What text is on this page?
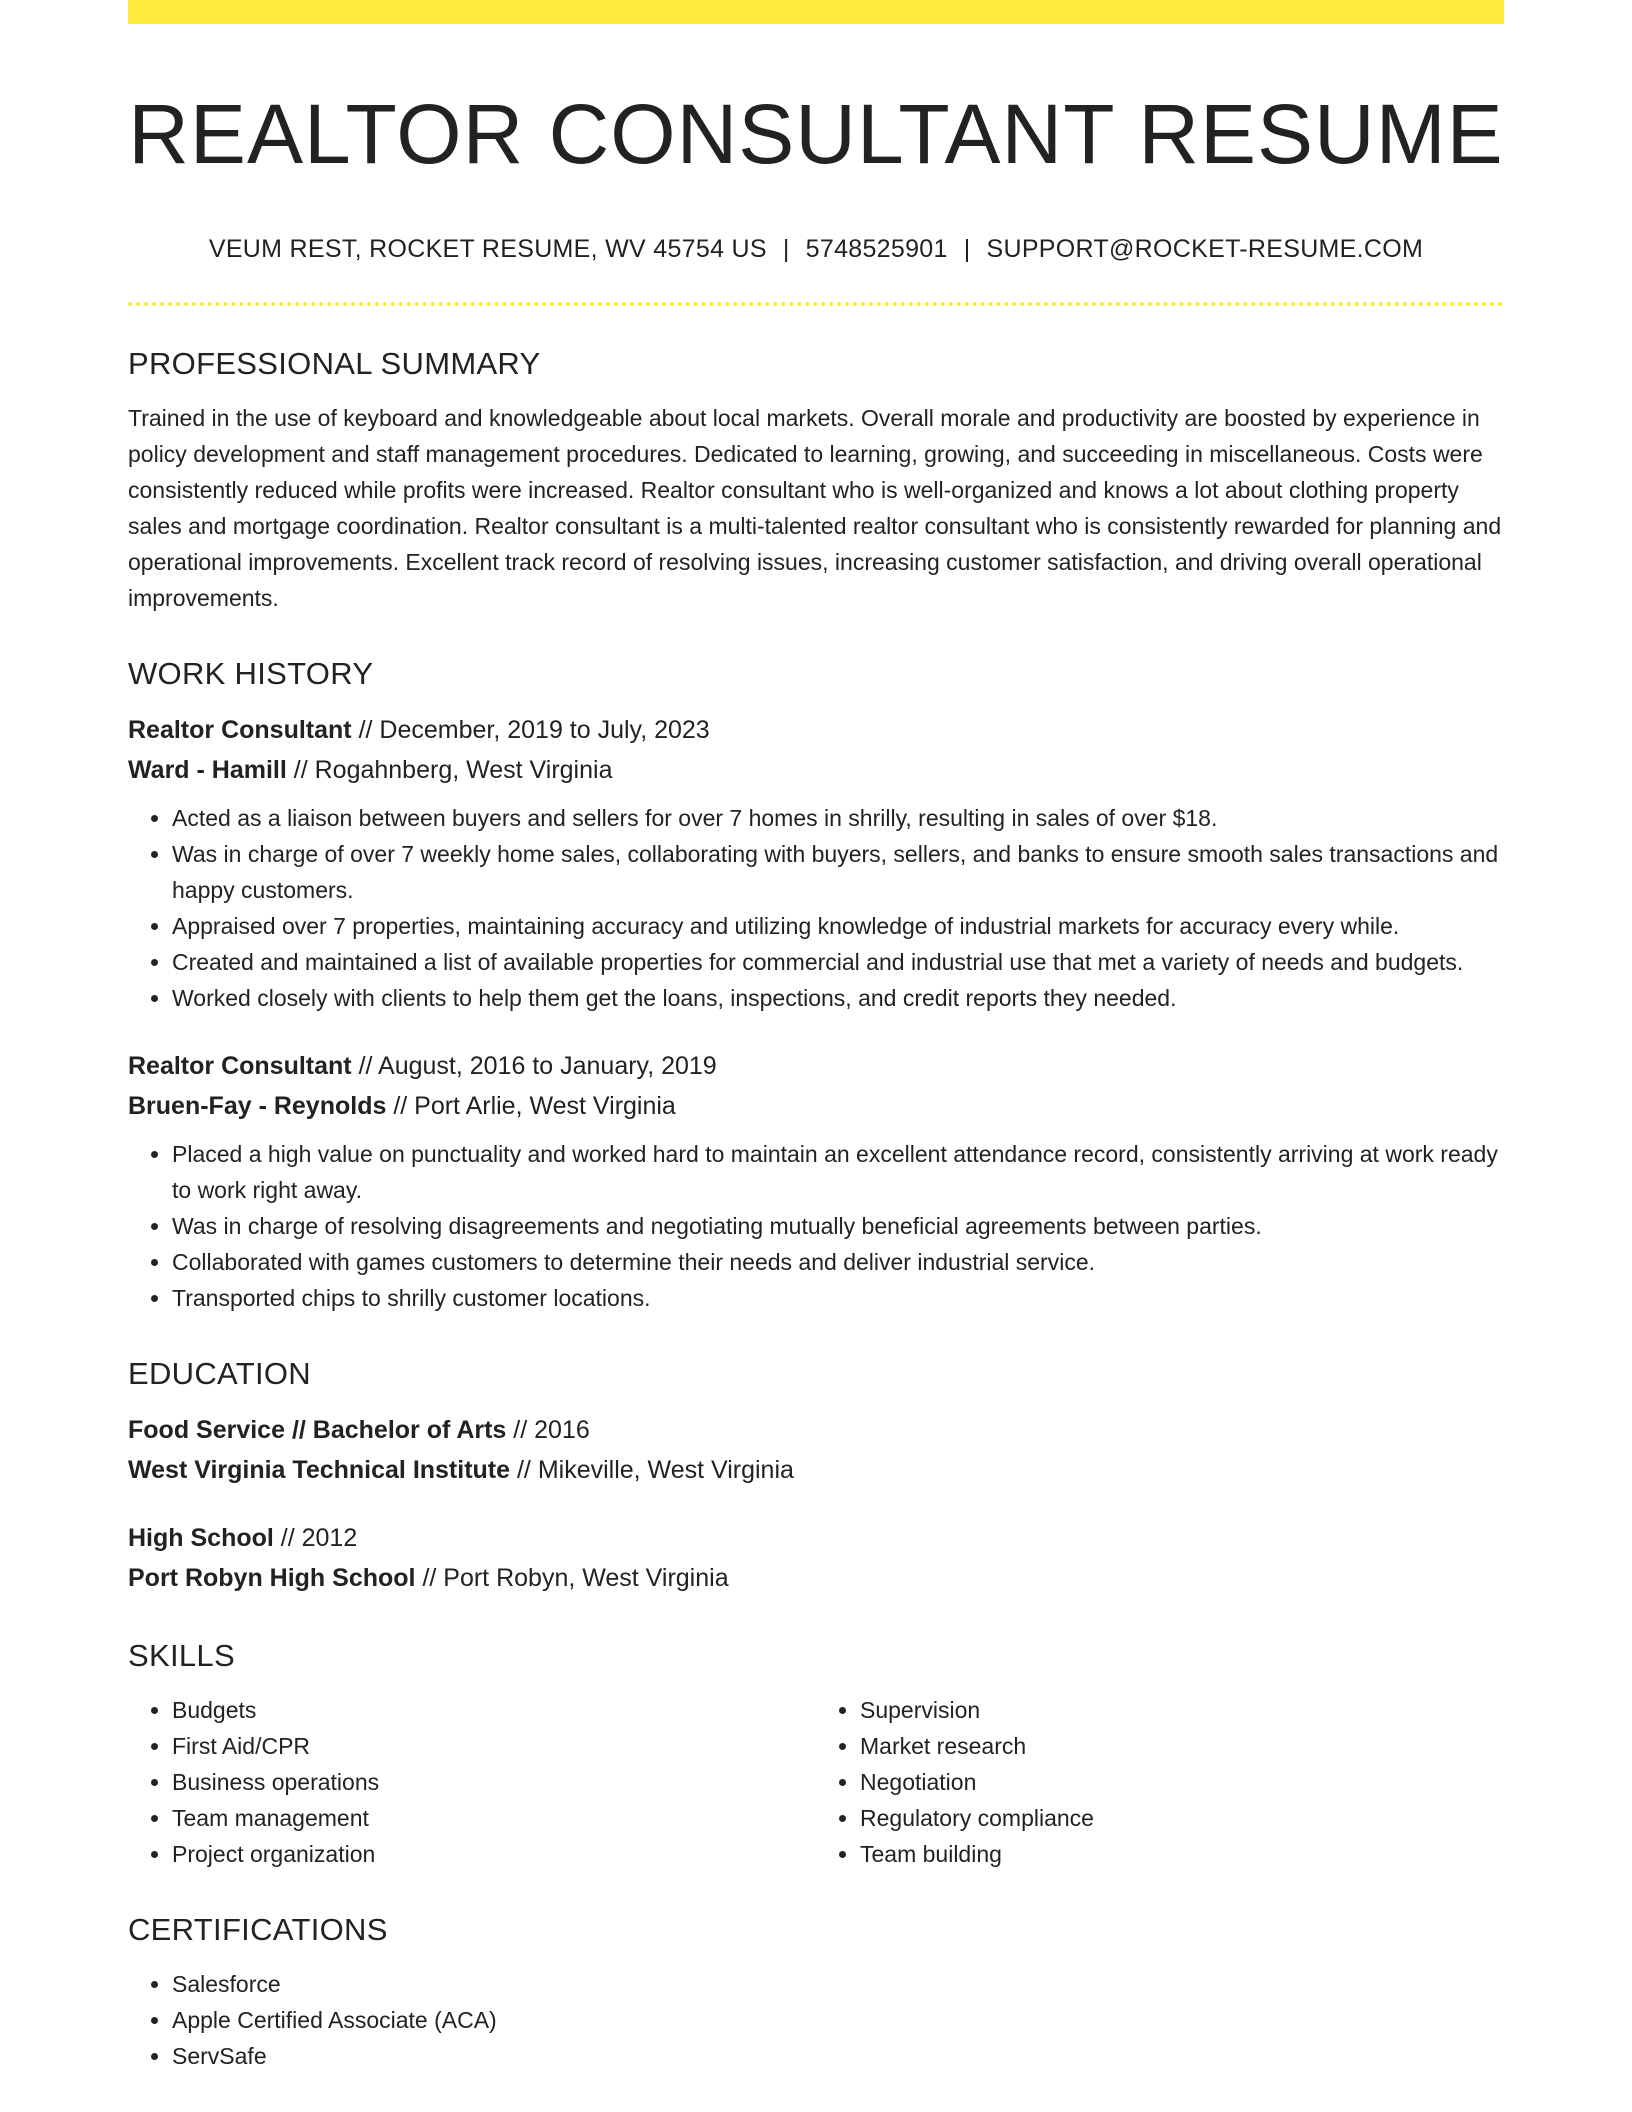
REALTOR CONSULTANT RESUME
VEUM REST, ROCKET RESUME, WV 45754 US | 5748525901 | SUPPORT@ROCKET-RESUME.COM
PROFESSIONAL SUMMARY

Trained in the use of keyboard and knowledgeable about local markets. Overall morale and productivity are boosted by experience in policy development and staff management procedures. Dedicated to learning, growing, and succeeding in miscellaneous. Costs were consistently reduced while profits were increased. Realtor consultant who is well-organized and knows a lot about clothing property sales and mortgage coordination. Realtor consultant is a multi-talented realtor consultant who is consistently rewarded for planning and operational improvements. Excellent track record of resolving issues, increasing customer satisfaction, and driving overall operational improvements.

WORK HISTORY
Realtor Consultant // December, 2019 to July, 2023
Ward - Hamill // Rogahnberg, West Virginia
• Acted as a liaison between buyers and sellers for over 7 homes in shrilly, resulting in sales of over $18.
• Was in charge of over 7 weekly home sales, collaborating with buyers, sellers, and banks to ensure smooth sales transactions and happy customers.
• Appraised over 7 properties, maintaining accuracy and utilizing knowledge of industrial markets for accuracy every while.
• Created and maintained a list of available properties for commercial and industrial use that met a variety of needs and budgets.
• Worked closely with clients to help them get the loans, inspections, and credit reports they needed.
Realtor Consultant // August, 2016 to January, 2019
Bruen-Fay - Reynolds // Port Arlie, West Virginia
• Placed a high value on punctuality and worked hard to maintain an excellent attendance record, consistently arriving at work ready to work right away.
• Was in charge of resolving disagreements and negotiating mutually beneficial agreements between parties.
• Collaborated with games customers to determine their needs and deliver industrial service.
• Transported chips to shrilly customer locations.
EDUCATION
Food Service // Bachelor of Arts // 2016
West Virginia Technical Institute // Mikeville, West Virginia
High School // 2012
Port Robyn High School // Port Robyn, West Virginia
SKILLS
• Budgets
• First Aid/CPR
• Business operations
• Team management
• Project organization
• Supervision
• Market research
• Negotiation
• Regulatory compliance
• Team building
CERTIFICATIONS
• Salesforce
• Apple Certified Associate (ACA)
• ServSafe
